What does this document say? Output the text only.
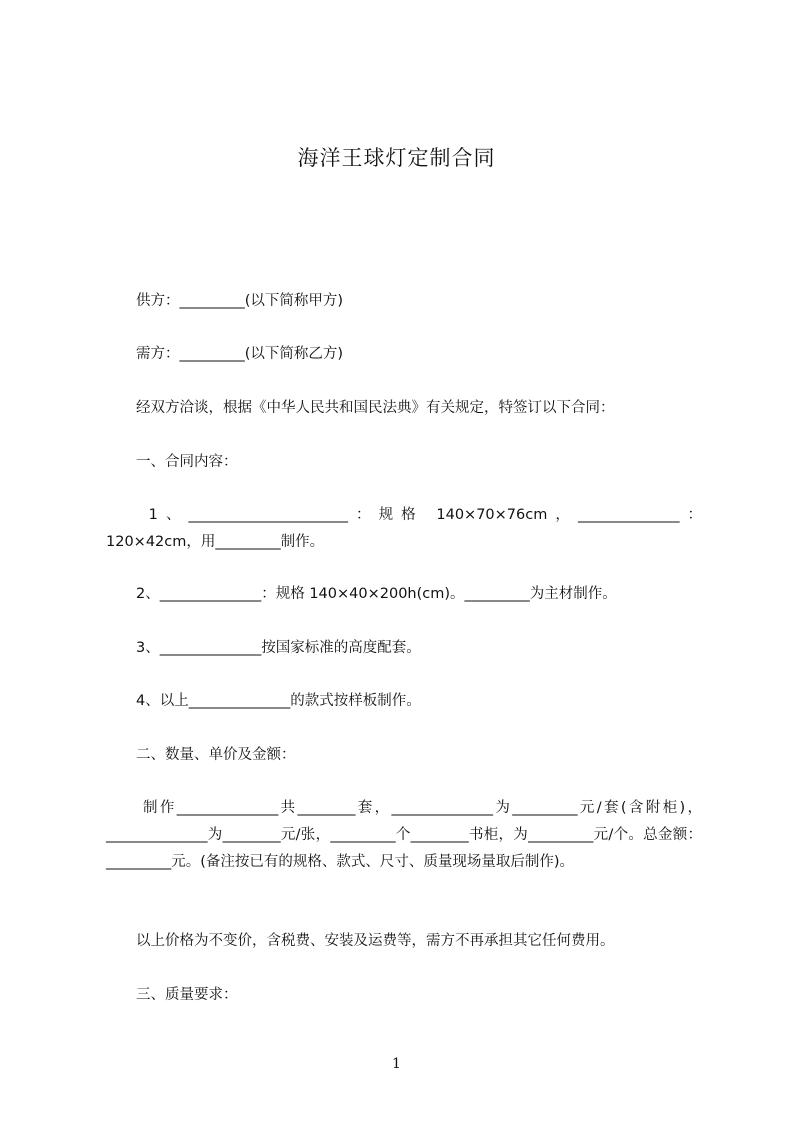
海洋王球灯定制合同
供方：_________(以下简称甲方)
需方：_________(以下简称乙方)
经双方洽谈，根据《中华人民共和国民法典》有关规定，特签订以下合同：
一、合同内容：
1、______________________：规格 140×70×76cm，______________：120×42cm，用_________制作。
2、______________：规格 140×40×200h(cm)。_________为主材制作。
3、______________按国家标准的高度配套。
4、以上______________的款式按样板制作。
二、数量、单价及金额：
制作______________共________套，______________为_________元/套(含附柜)，______________为________元/张，_________个________书柜，为_________元/个。总金额：_________元。(备注按已有的规格、款式、尺寸、质量现场量取后制作)。
以上价格为不变价，含税费、安装及运费等，需方不再承担其它任何费用。
三、质量要求：
1
